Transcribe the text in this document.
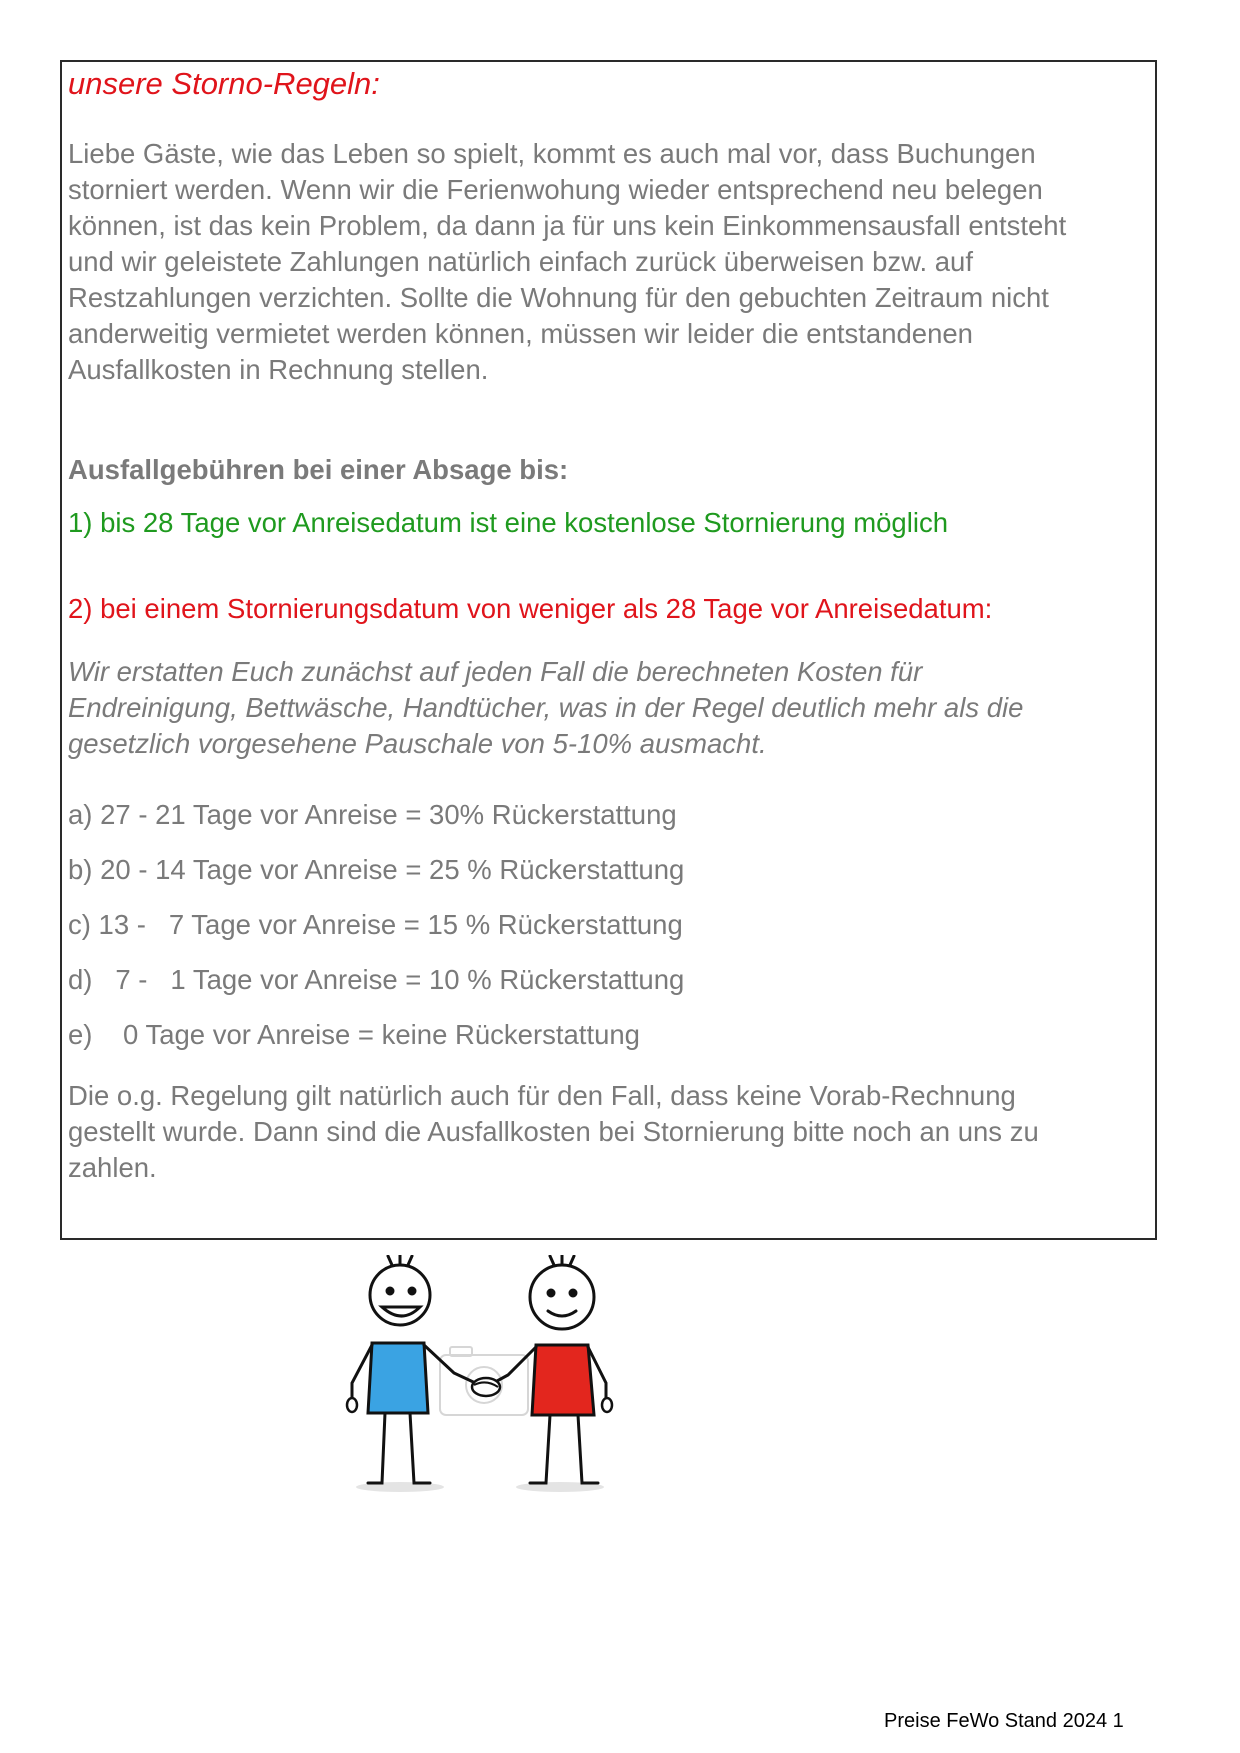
unsere Storno-Regeln:

Liebe Gäste, wie das Leben so spielt, kommt es auch mal vor, dass Buchungen
storniert werden. Wenn wir die Ferienwohung wieder entsprechend neu belegen
können, ist das kein Problem, da dann ja für uns kein Einkommensausfall entsteht
und wir geleistete Zahlungen natürlich einfach zurück überweisen bzw. auf
Restzahlungen verzichten. Sollte die Wohnung für den gebuchten Zeitraum nicht
anderweitig vermietet werden können, müssen wir leider die entstandenen
Ausfallkosten in Rechnung stellen.

Ausfallgebühren bei einer Absage bis:

1) bis 28 Tage vor Anreisedatum ist eine kostenlose Stornierung möglich

2) bei einem Stornierungsdatum von weniger als 28 Tage vor Anreisedatum:

Wir erstatten Euch zunächst auf jeden Fall die berechneten Kosten für
Endreinigung, Bettwäsche, Handtücher, was in der Regel deutlich mehr als die
gesetzlich vorgesehene Pauschale von 5-10% ausmacht.

a) 27 - 21 Tage vor Anreise = 30% Rückerstattung
b) 20 - 14 Tage vor Anreise = 25 % Rückerstattung
c) 13 -   7 Tage vor Anreise = 15 % Rückerstattung
d)   7 -   1 Tage vor Anreise = 10 % Rückerstattung
e)    0 Tage vor Anreise = keine Rückerstattung

Die o.g. Regelung gilt natürlich auch für den Fall, dass keine Vorab-Rechnung
gestellt wurde. Dann sind die Ausfallkosten bei Stornierung bitte noch an uns zu
zahlen.

Preise FeWo Stand 2024 1
